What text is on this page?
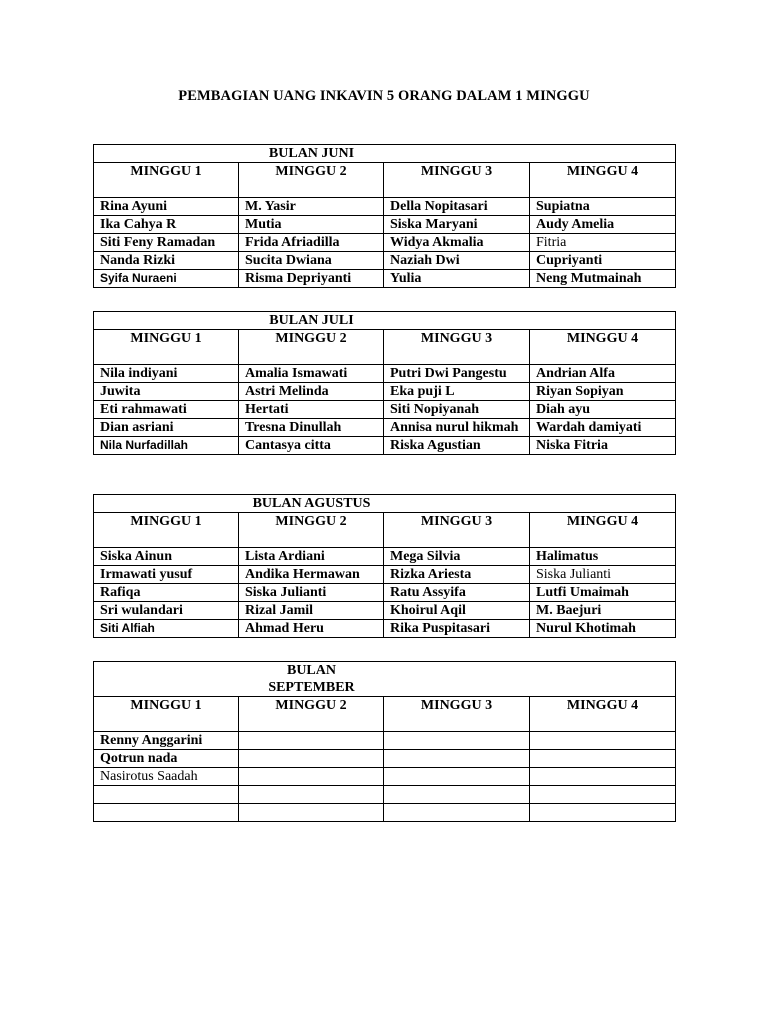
PEMBAGIAN UANG INKAVIN 5 ORANG DALAM 1 MINGGU
BULAN JUNI			

MINGGU 1	MINGGU 2	MINGGU 3	MINGGU 4
Rina Ayuni	M. Yasir	Della Nopitasari	Supiatna
Ika Cahya R	Mutia	Siska Maryani	Audy Amelia
Siti Feny Ramadan	Frida Afriadilla	Widya Akmalia	Fitria
Nanda Rizki	Sucita Dwiana	Naziah Dwi	Cupriyanti
Syifa Nuraeni	Risma Depriyanti	Yulia	Neng Mutmainah
BULAN JULI			

MINGGU 1	MINGGU 2	MINGGU 3	MINGGU 4
Nila indiyani	Amalia Ismawati	Putri Dwi Pangestu	Andrian Alfa
Juwita	Astri Melinda	Eka puji L	Riyan Sopiyan
Eti rahmawati	Hertati	Siti Nopiyanah	Diah ayu
Dian asriani	Tresna Dinullah	Annisa nurul hikmah	Wardah damiyati
Nila Nurfadillah	Cantasya citta	Riska Agustian	Niska Fitria
BULAN AGUSTUS			

MINGGU 1	MINGGU 2	MINGGU 3	MINGGU 4
Siska Ainun	Lista Ardiani	Mega Silvia	Halimatus
Irmawati yusuf	Andika Hermawan	Rizka Ariesta	Siska Julianti
Rafiqa	Siska Julianti	Ratu Assyifa	Lutfi Umaimah
Sri wulandari	Rizal Jamil	Khoirul Aqil	M. Baejuri
Siti Alfiah	Ahmad Heru	Rika Puspitasari	Nurul Khotimah
BULAN SEPTEMBER			

MINGGU 1	MINGGU 2	MINGGU 3	MINGGU 4
Renny Anggarini			
Qotrun nada			
Nasirotus Saadah			
